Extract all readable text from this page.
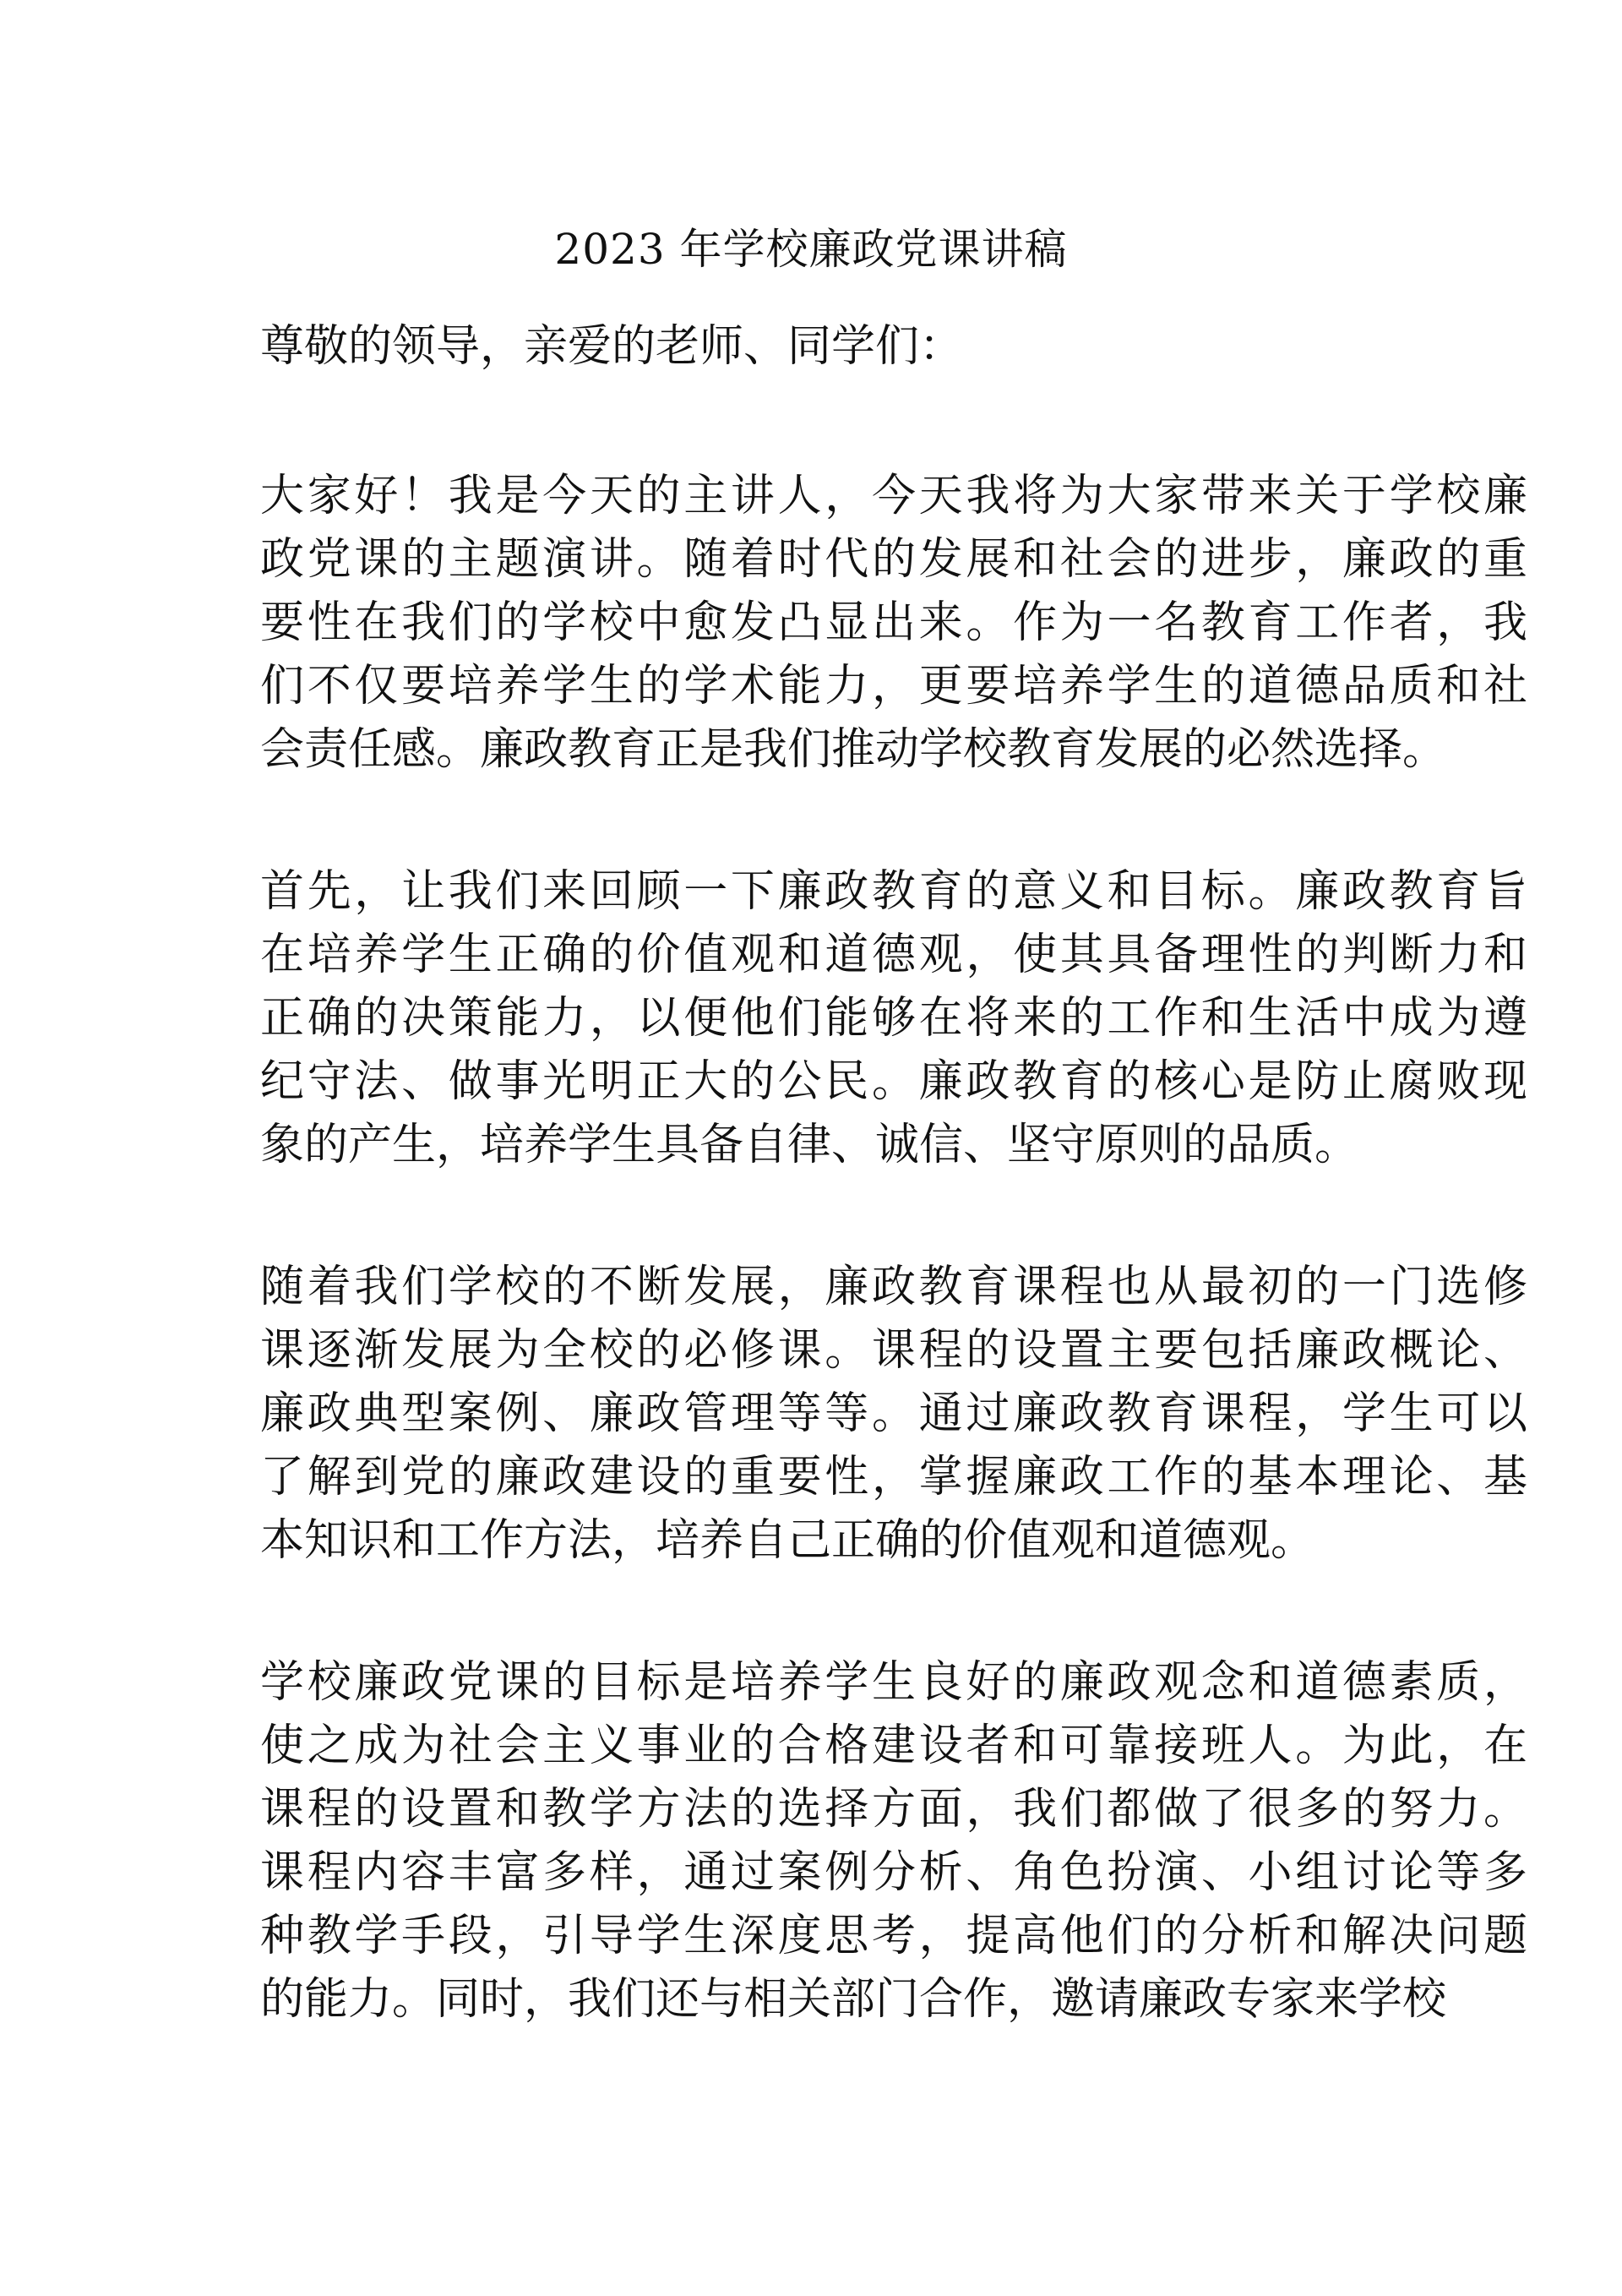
2023 年学校廉政党课讲稿
尊敬的领导，亲爱的老师、同学们：
大家好！我是今天的主讲人，今天我将为大家带来关于学校廉
政党课的主题演讲。随着时代的发展和社会的进步，廉政的重
要性在我们的学校中愈发凸显出来。作为一名教育工作者，我
们不仅要培养学生的学术能力，更要培养学生的道德品质和社
会责任感。廉政教育正是我们推动学校教育发展的必然选择。
首先，让我们来回顾一下廉政教育的意义和目标。廉政教育旨
在培养学生正确的价值观和道德观，使其具备理性的判断力和
正确的决策能力，以便他们能够在将来的工作和生活中成为遵
纪守法、做事光明正大的公民。廉政教育的核心是防止腐败现
象的产生，培养学生具备自律、诚信、坚守原则的品质。
随着我们学校的不断发展，廉政教育课程也从最初的一门选修
课逐渐发展为全校的必修课。课程的设置主要包括廉政概论、
廉政典型案例、廉政管理等等。通过廉政教育课程，学生可以
了解到党的廉政建设的重要性，掌握廉政工作的基本理论、基
本知识和工作方法，培养自己正确的价值观和道德观。
学校廉政党课的目标是培养学生良好的廉政观念和道德素质，
使之成为社会主义事业的合格建设者和可靠接班人。为此，在
课程的设置和教学方法的选择方面，我们都做了很多的努力。
课程内容丰富多样，通过案例分析、角色扮演、小组讨论等多
种教学手段，引导学生深度思考，提高他们的分析和解决问题
的能力。同时，我们还与相关部门合作，邀请廉政专家来学校
